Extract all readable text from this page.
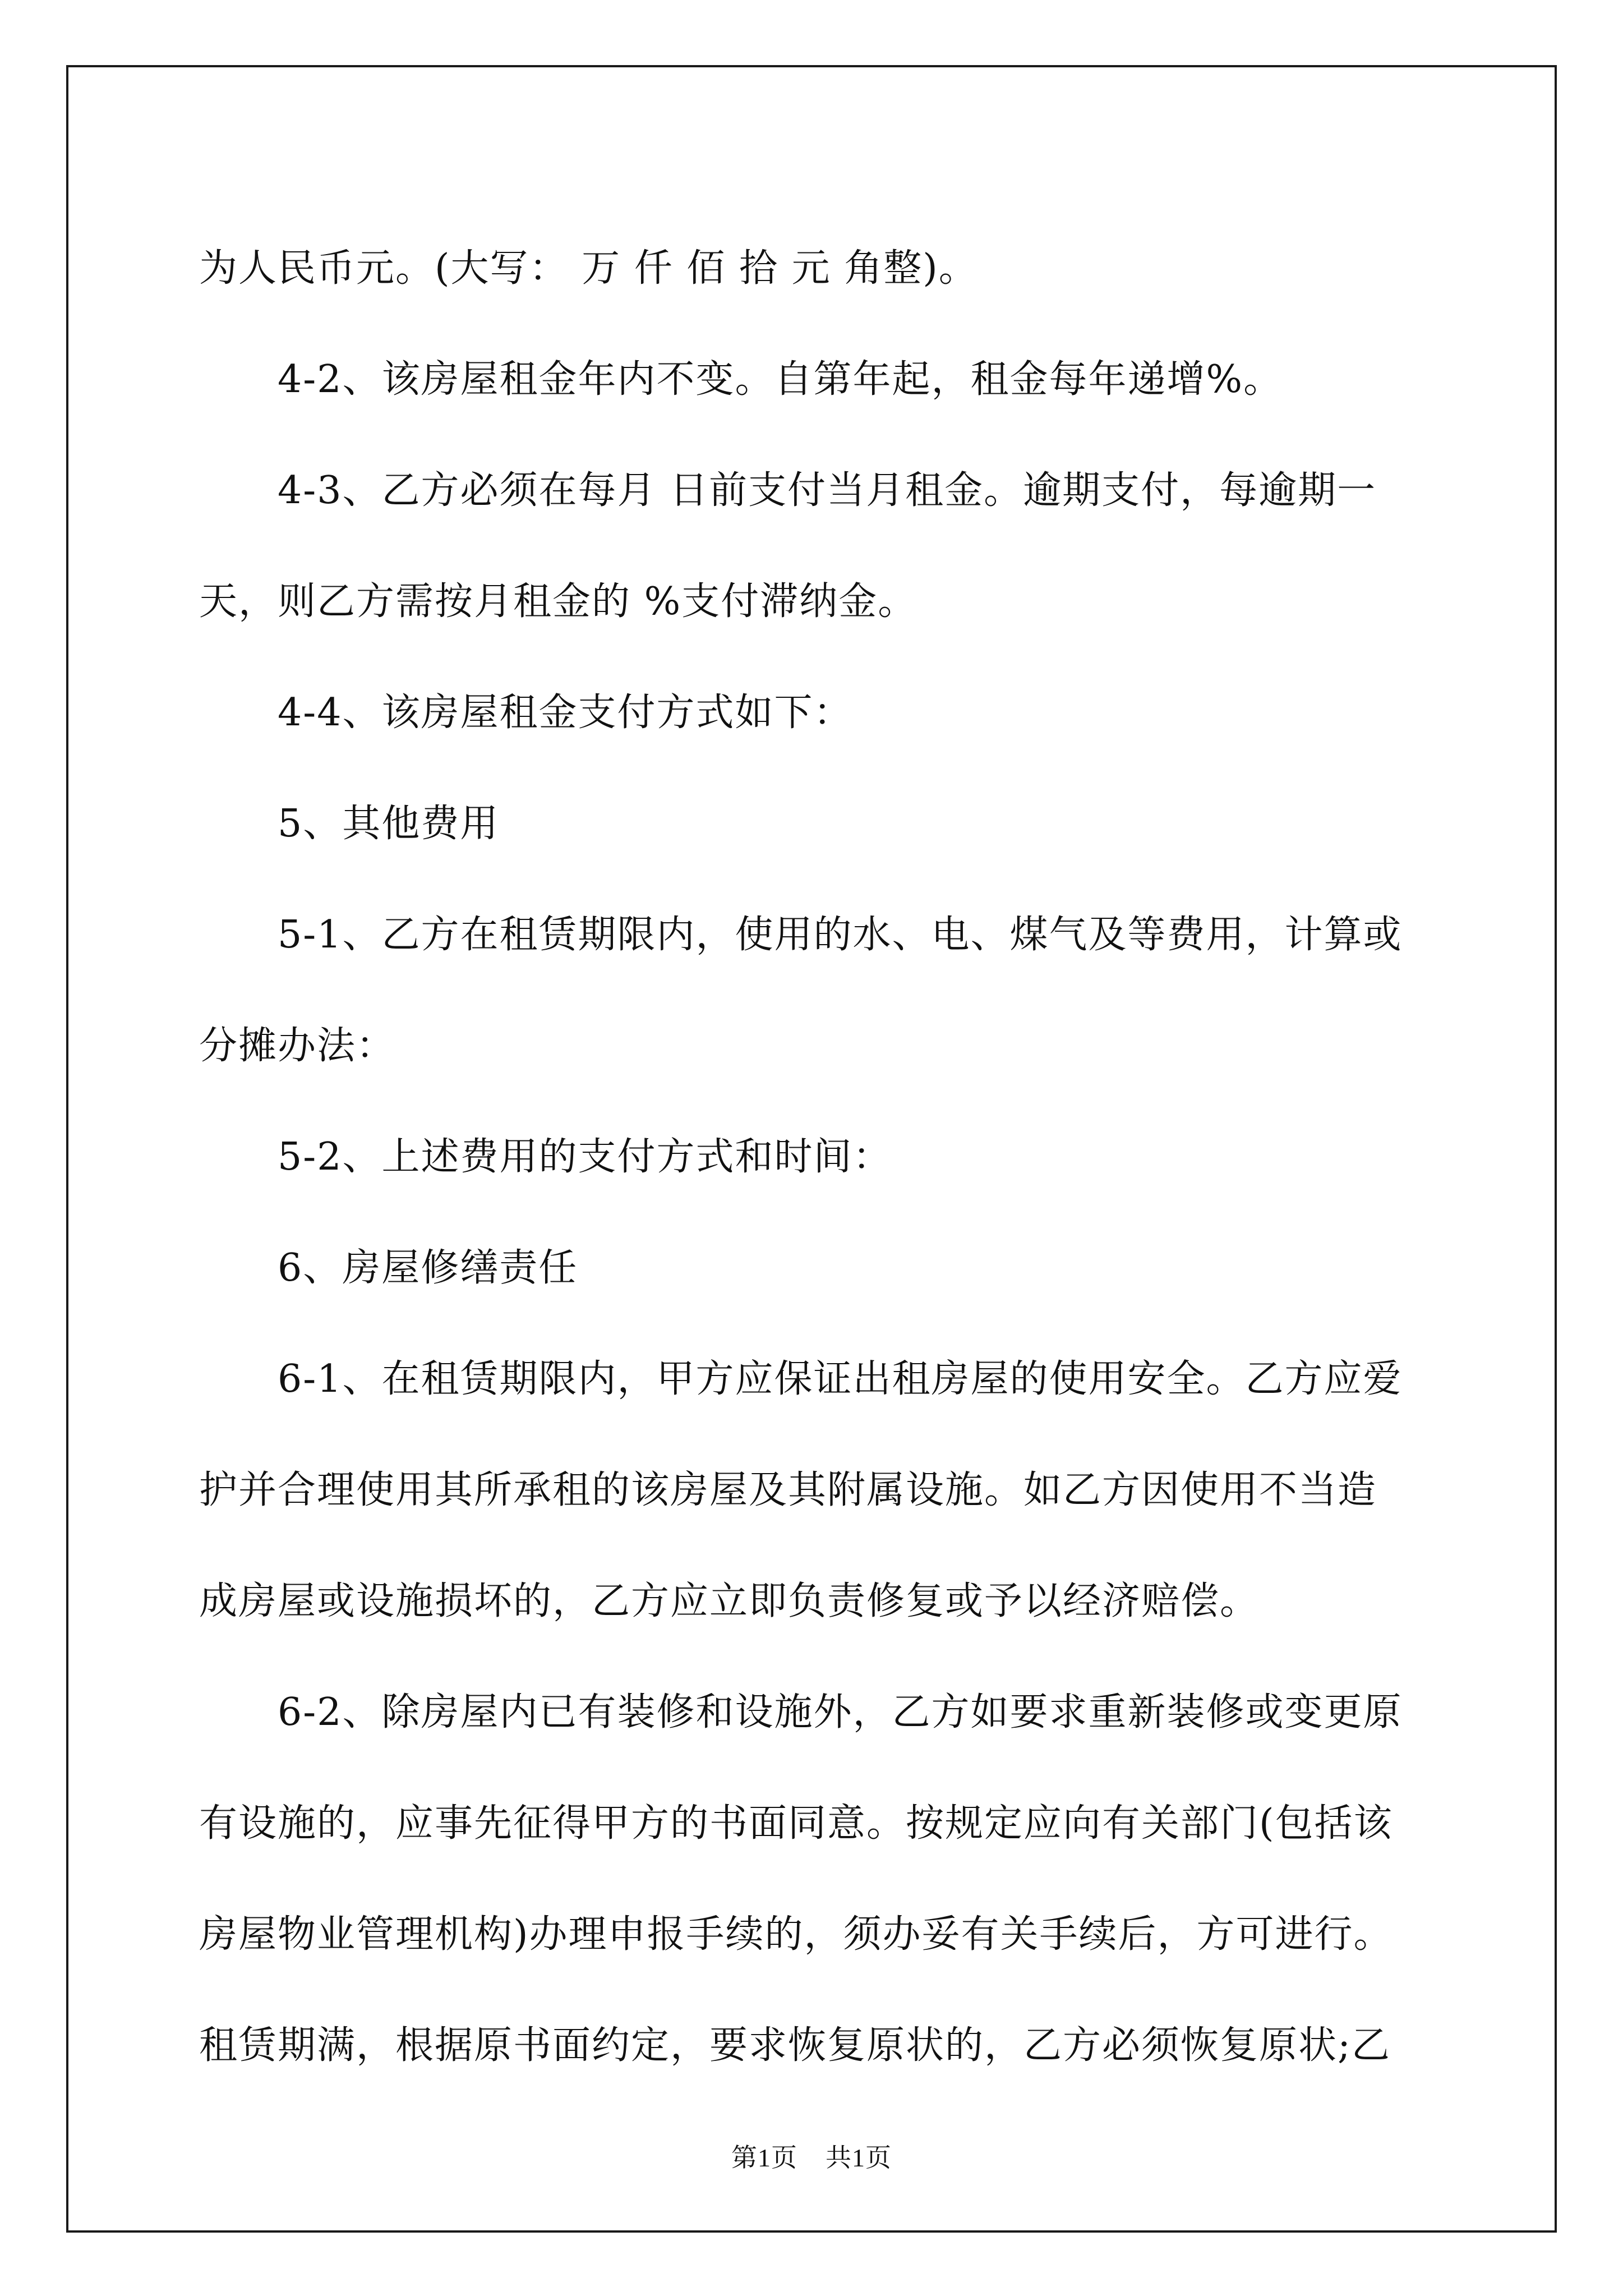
为人民币元。(大写： 万 仟 佰 拾 元 角整)。
4-2、该房屋租金年内不变。自第年起，租金每年递增%。
4-3、乙方必须在每月 日前支付当月租金。逾期支付，每逾期一
天，则乙方需按月租金的 %支付滞纳金。
4-4、该房屋租金支付方式如下：
5、其他费用
5-1、乙方在租赁期限内，使用的水、电、煤气及等费用，计算或
分摊办法：
5-2、上述费用的支付方式和时间：
6、房屋修缮责任
6-1、在租赁期限内，甲方应保证出租房屋的使用安全。乙方应爱
护并合理使用其所承租的该房屋及其附属设施。如乙方因使用不当造
成房屋或设施损坏的，乙方应立即负责修复或予以经济赔偿。
6-2、除房屋内已有装修和设施外，乙方如要求重新装修或变更原
有设施的，应事先征得甲方的书面同意。按规定应向有关部门(包括该
房屋物业管理机构)办理申报手续的，须办妥有关手续后，方可进行。
租赁期满，根据原书面约定，要求恢复原状的，乙方必须恢复原状;乙
第1页 共1页
